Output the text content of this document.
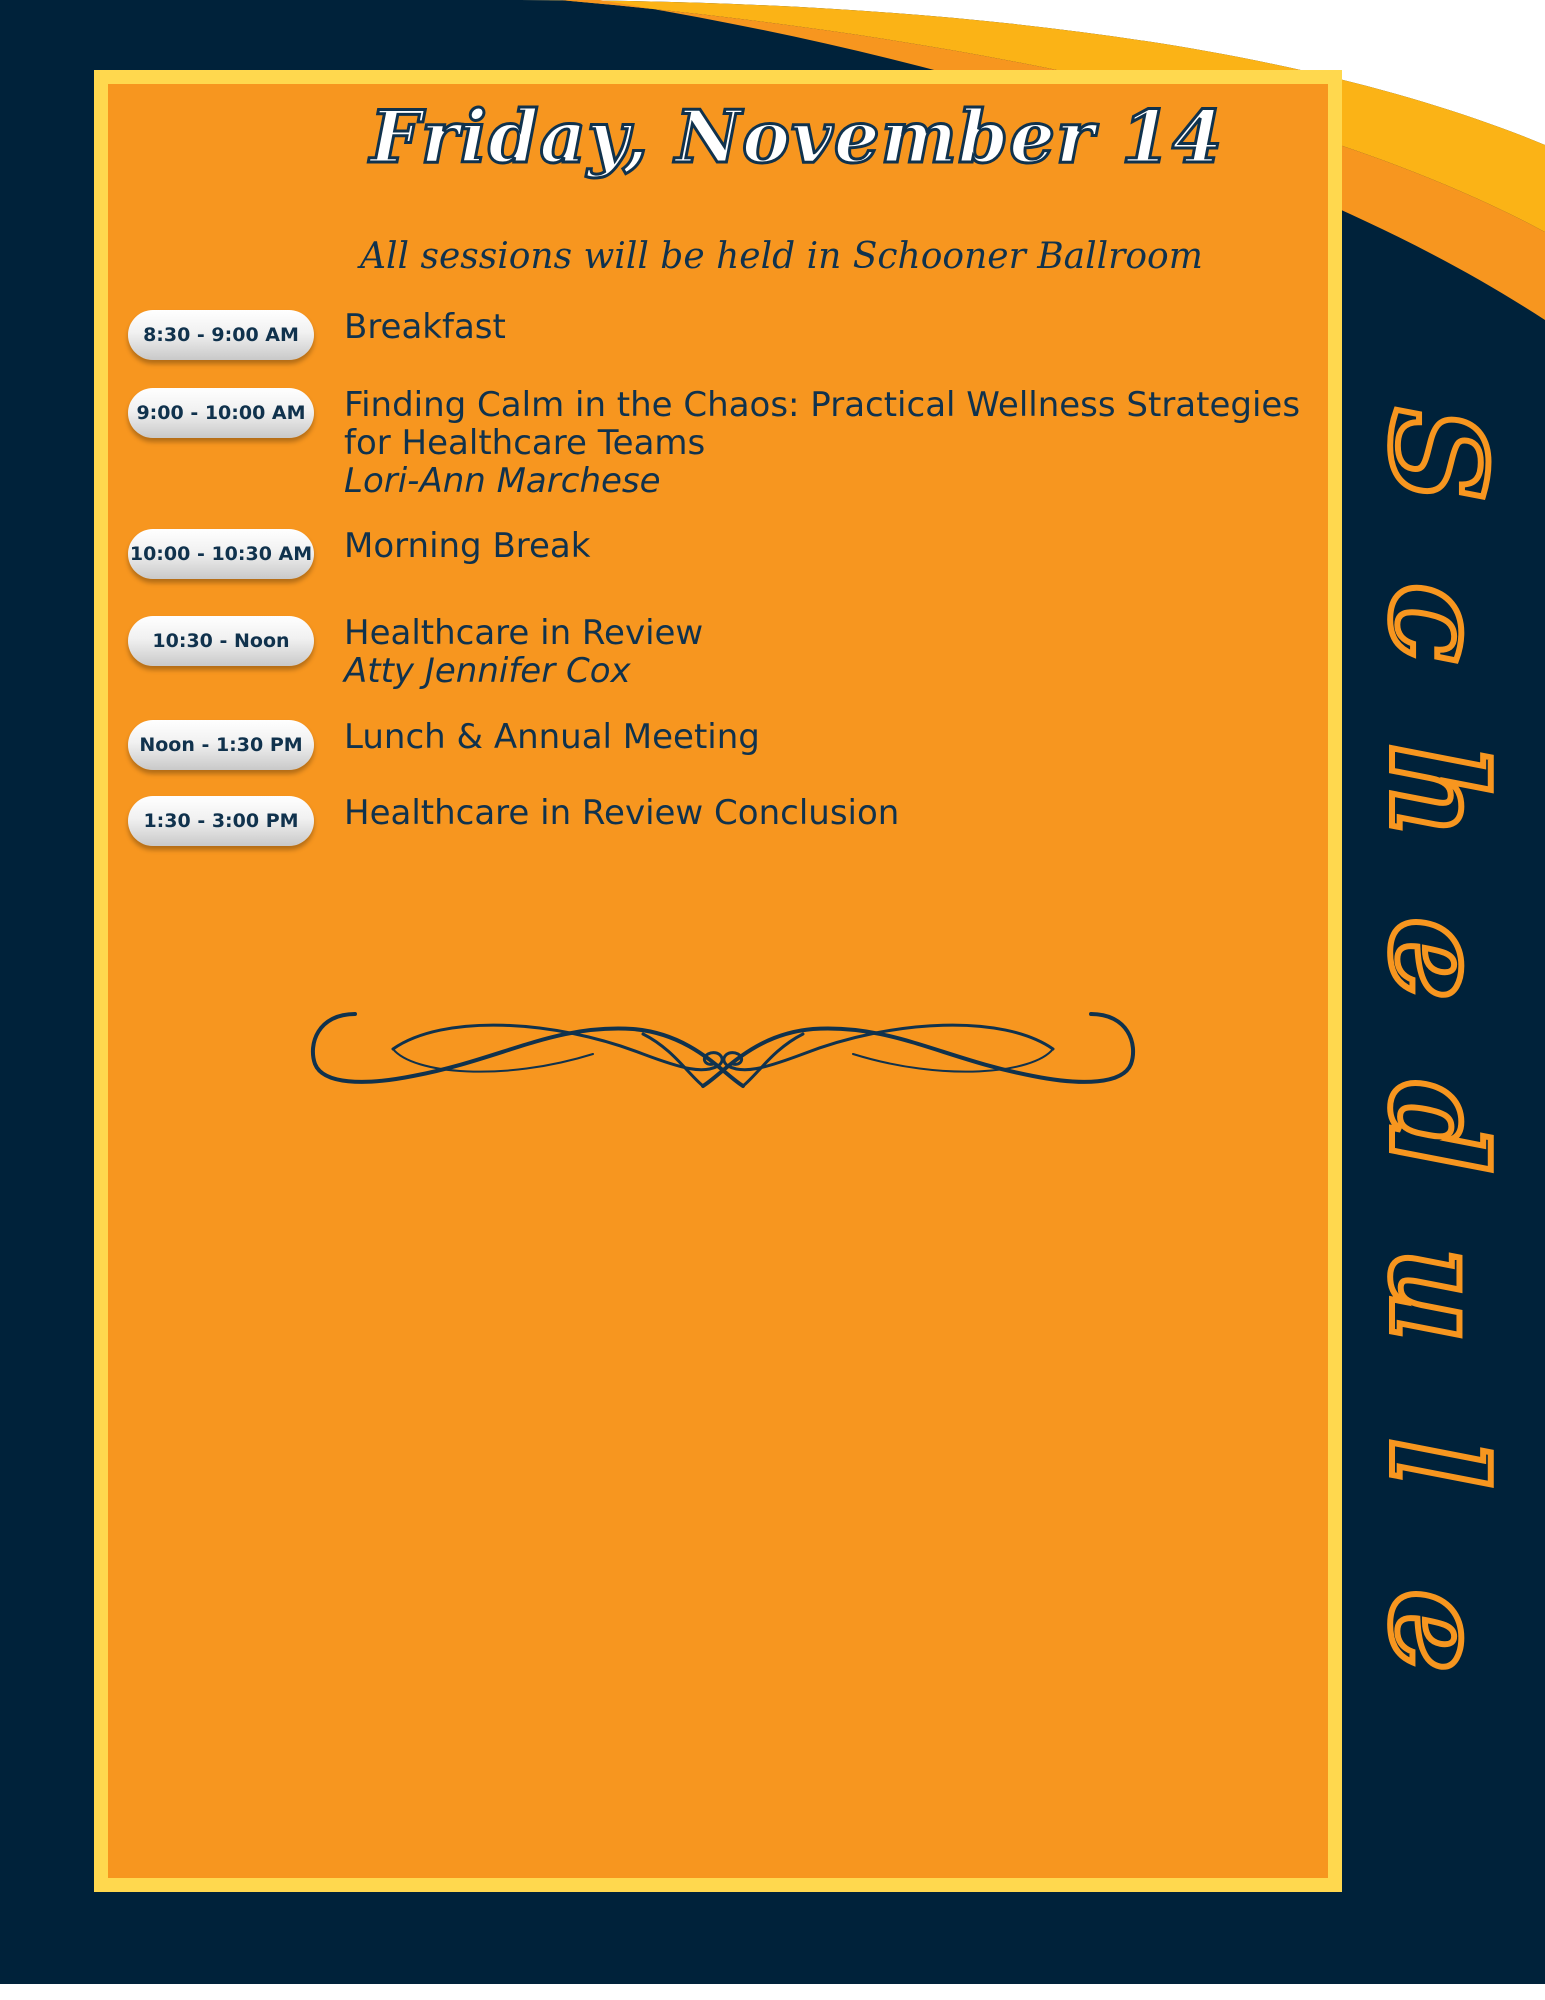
Friday, November 14

All sessions will be held in Schooner Ballroom

8:30 - 9:00 AM	Breakfast
9:00 - 10:00 AM Finding Calm in the Chaos: Practical Wellness Strategies for Healthcare Teams
Lori-Ann Marchese
10:00 - 10:30 AM Morning Break
10:30 - Noon	Healthcare in Review
Atty Jennifer Cox
Noon - 1:30 PM	Lunch & Annual Meeting
1:30 - 3:00 PM	Healthcare in Review Conclusion
S
c
h
e
d
u
l
e
